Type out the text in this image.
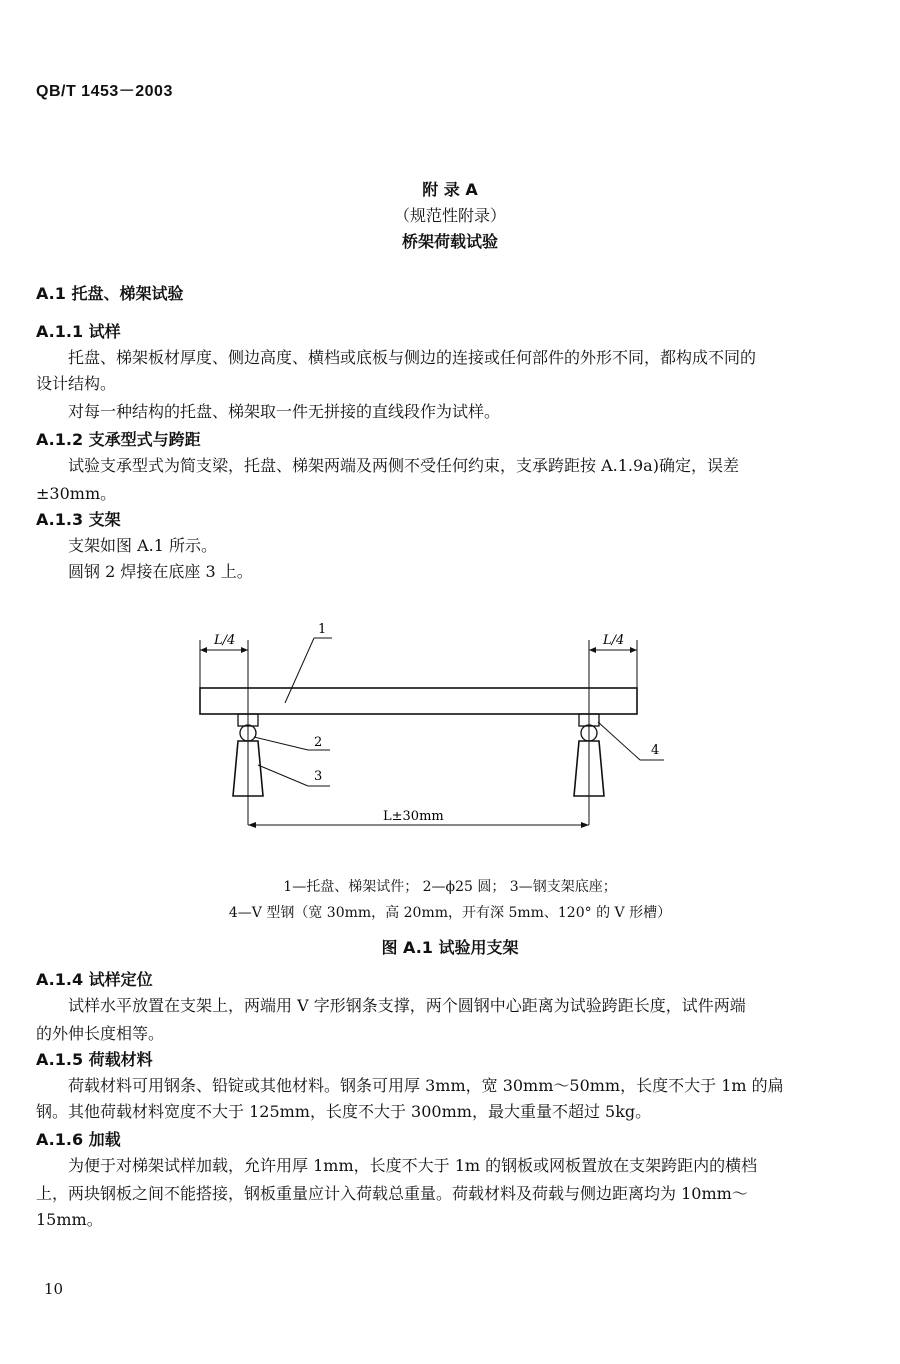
QB/T 1453－2003
附 录 A
（规范性附录）
桥架荷载试验
A.1 托盘、梯架试验
A.1.1 试样
托盘、梯架板材厚度、侧边高度、横档或底板与侧边的连接或任何部件的外形不同，都构成不同的
设计结构。
对每一种结构的托盘、梯架取一件无拼接的直线段作为试样。
A.1.2 支承型式与跨距
试验支承型式为简支梁，托盘、梯架两端及两侧不受任何约束，支承跨距按 A.1.9a)确定，误差
±30mm。
A.1.3 支架
支架如图 A.1 所示。
圆钢 2 焊接在底座 3 上。
L/4	L/4
1
2
3
4
L±30mm
1—托盘、梯架试件； 2—ϕ25 圆； 3—钢支架底座；
4—V 型钢（宽 30mm，高 20mm，开有深 5mm、120° 的 V 形槽）
图 A.1 试验用支架
A.1.4 试样定位
试样水平放置在支架上，两端用 V 字形钢条支撑，两个圆钢中心距离为试验跨距长度，试件两端
的外伸长度相等。
A.1.5 荷载材料
荷载材料可用钢条、铅锭或其他材料。钢条可用厚 3mm，宽 30mm～50mm，长度不大于 1m 的扁
钢。其他荷载材料宽度不大于 125mm，长度不大于 300mm，最大重量不超过 5kg。
A.1.6 加载
为便于对梯架试样加载，允许用厚 1mm，长度不大于 1m 的钢板或网板置放在支架跨距内的横档
上，两块钢板之间不能搭接，钢板重量应计入荷载总重量。荷载材料及荷载与侧边距离均为 10mm～
15mm。
10
